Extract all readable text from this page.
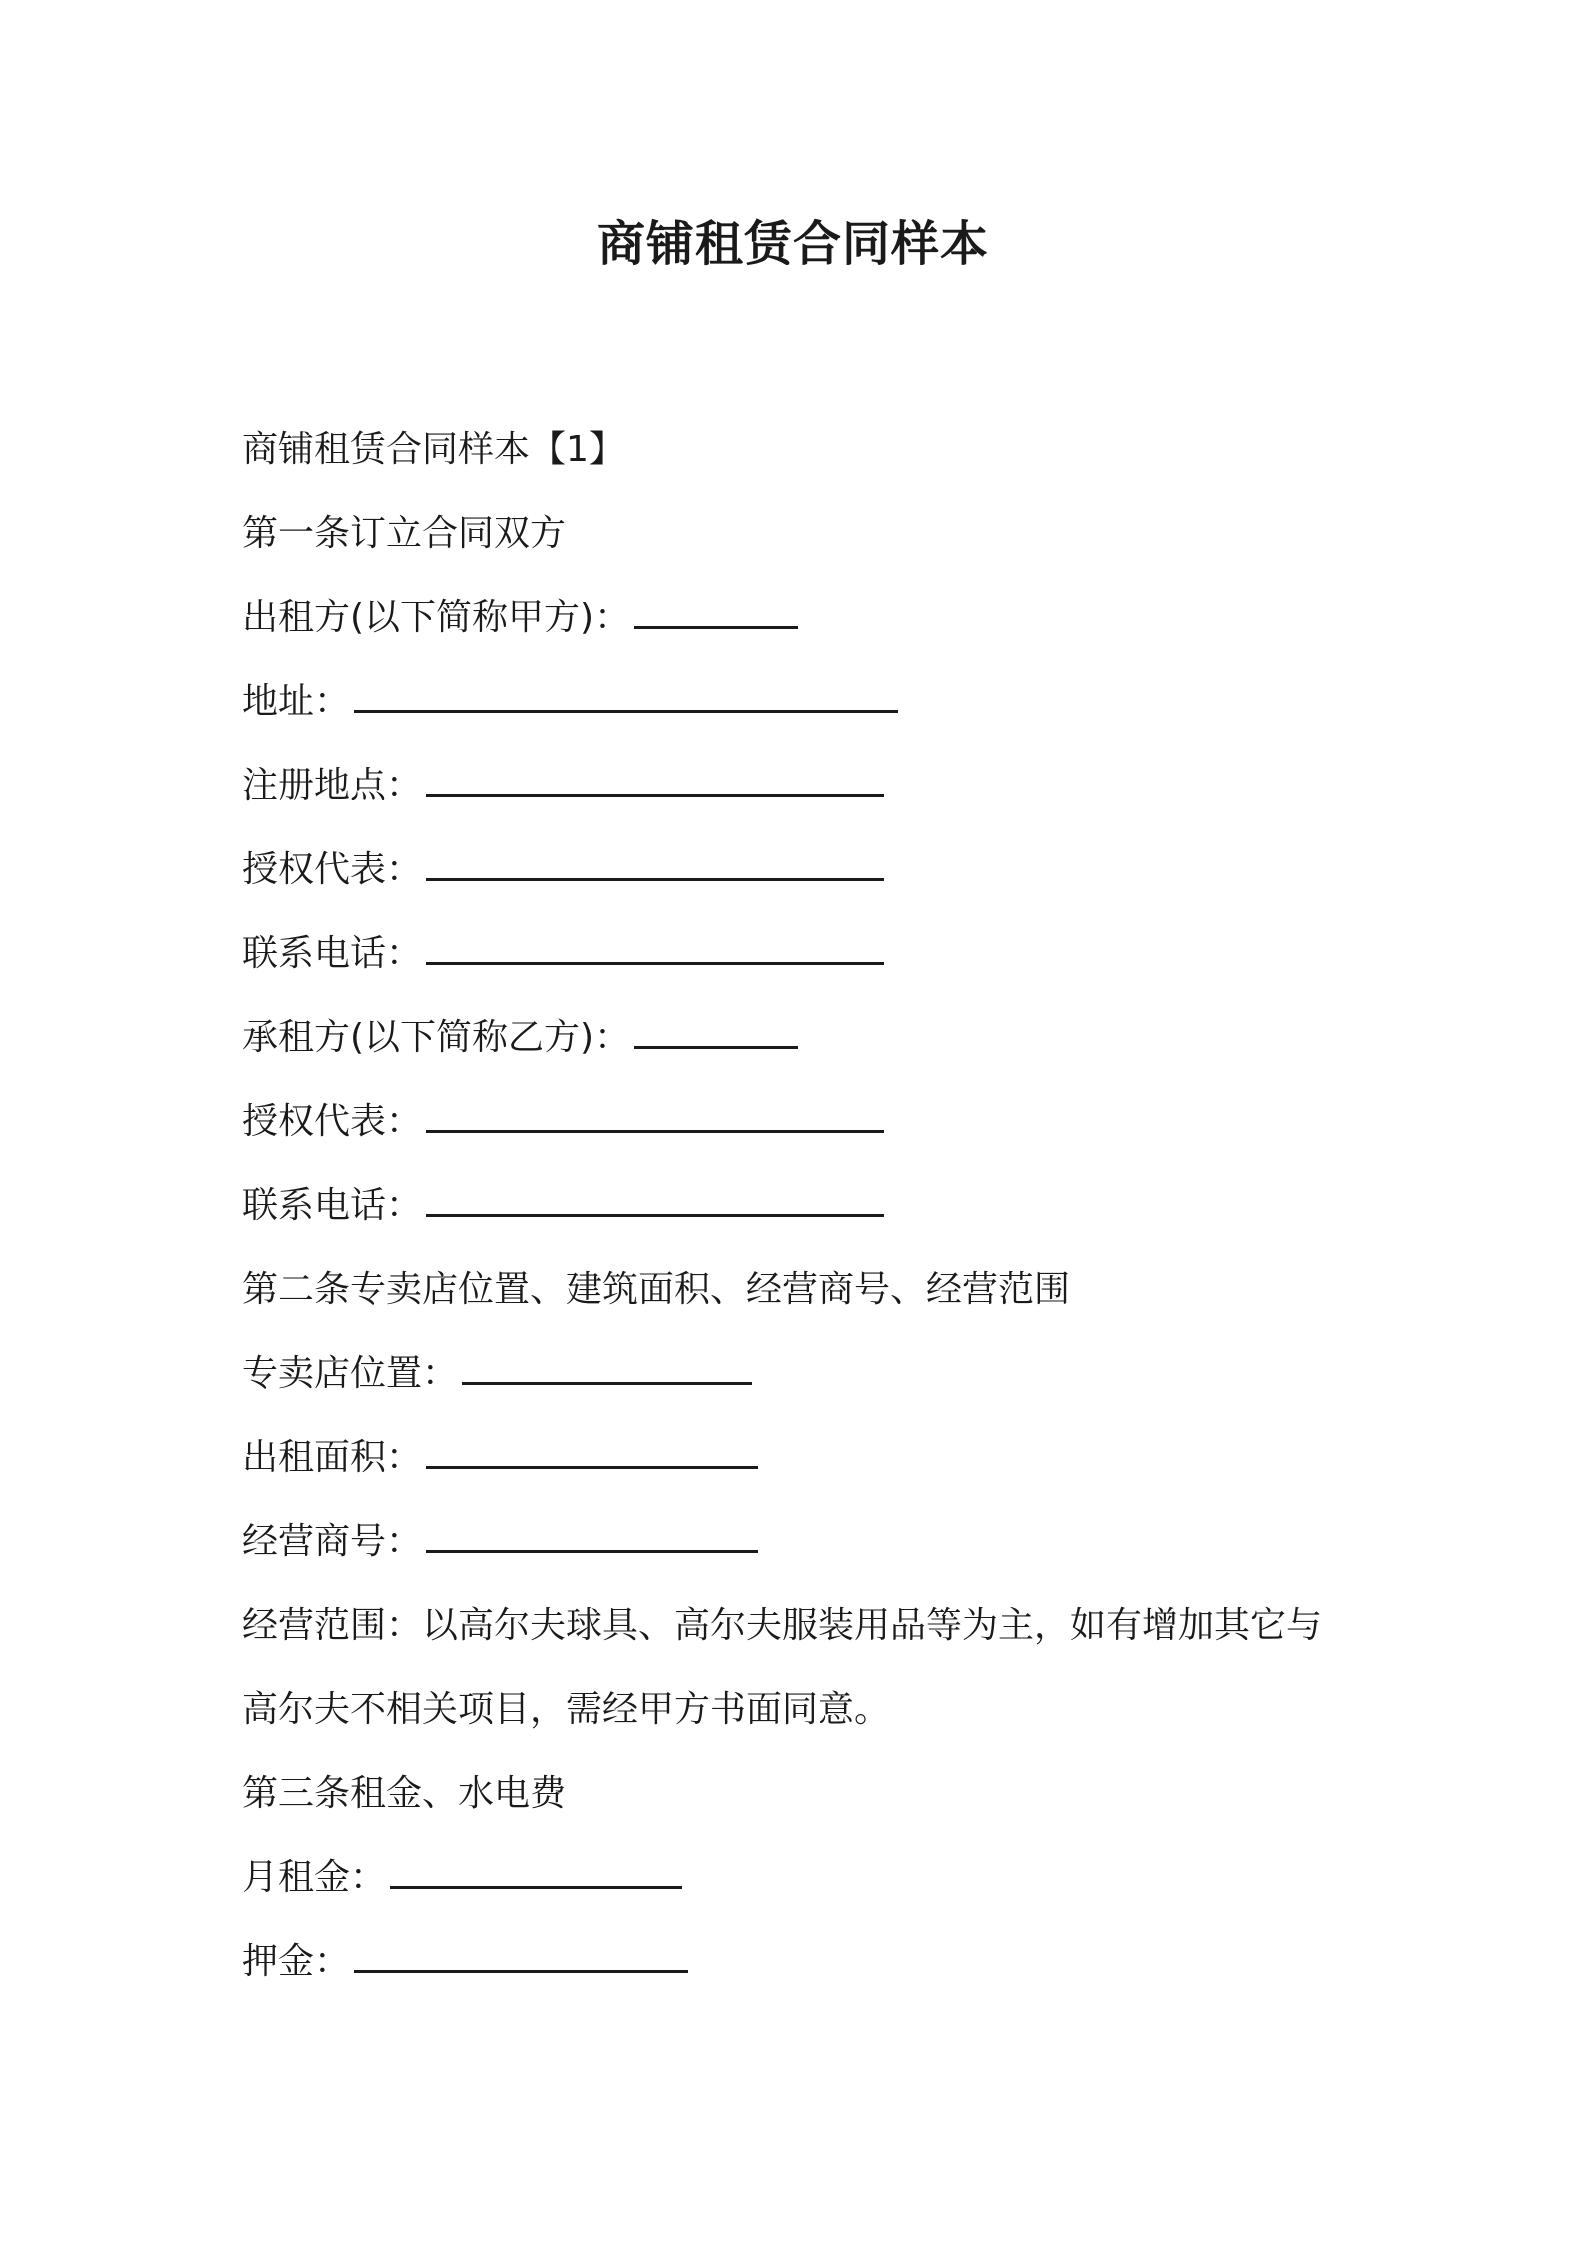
商铺租赁合同样本

商铺租赁合同样本【1】

第一条订立合同双方

出租方(以下简称甲方)：

地址：

注册地点：

授权代表：

联系电话：

承租方(以下简称乙方)：

授权代表：

联系电话：

第二条专卖店位置、建筑面积、经营商号、经营范围

专卖店位置：

出租面积：

经营商号：

经营范围：以高尔夫球具、高尔夫服装用品等为主，如有增加其它与

高尔夫不相关项目，需经甲方书面同意。

第三条租金、水电费

月租金：

押金：
